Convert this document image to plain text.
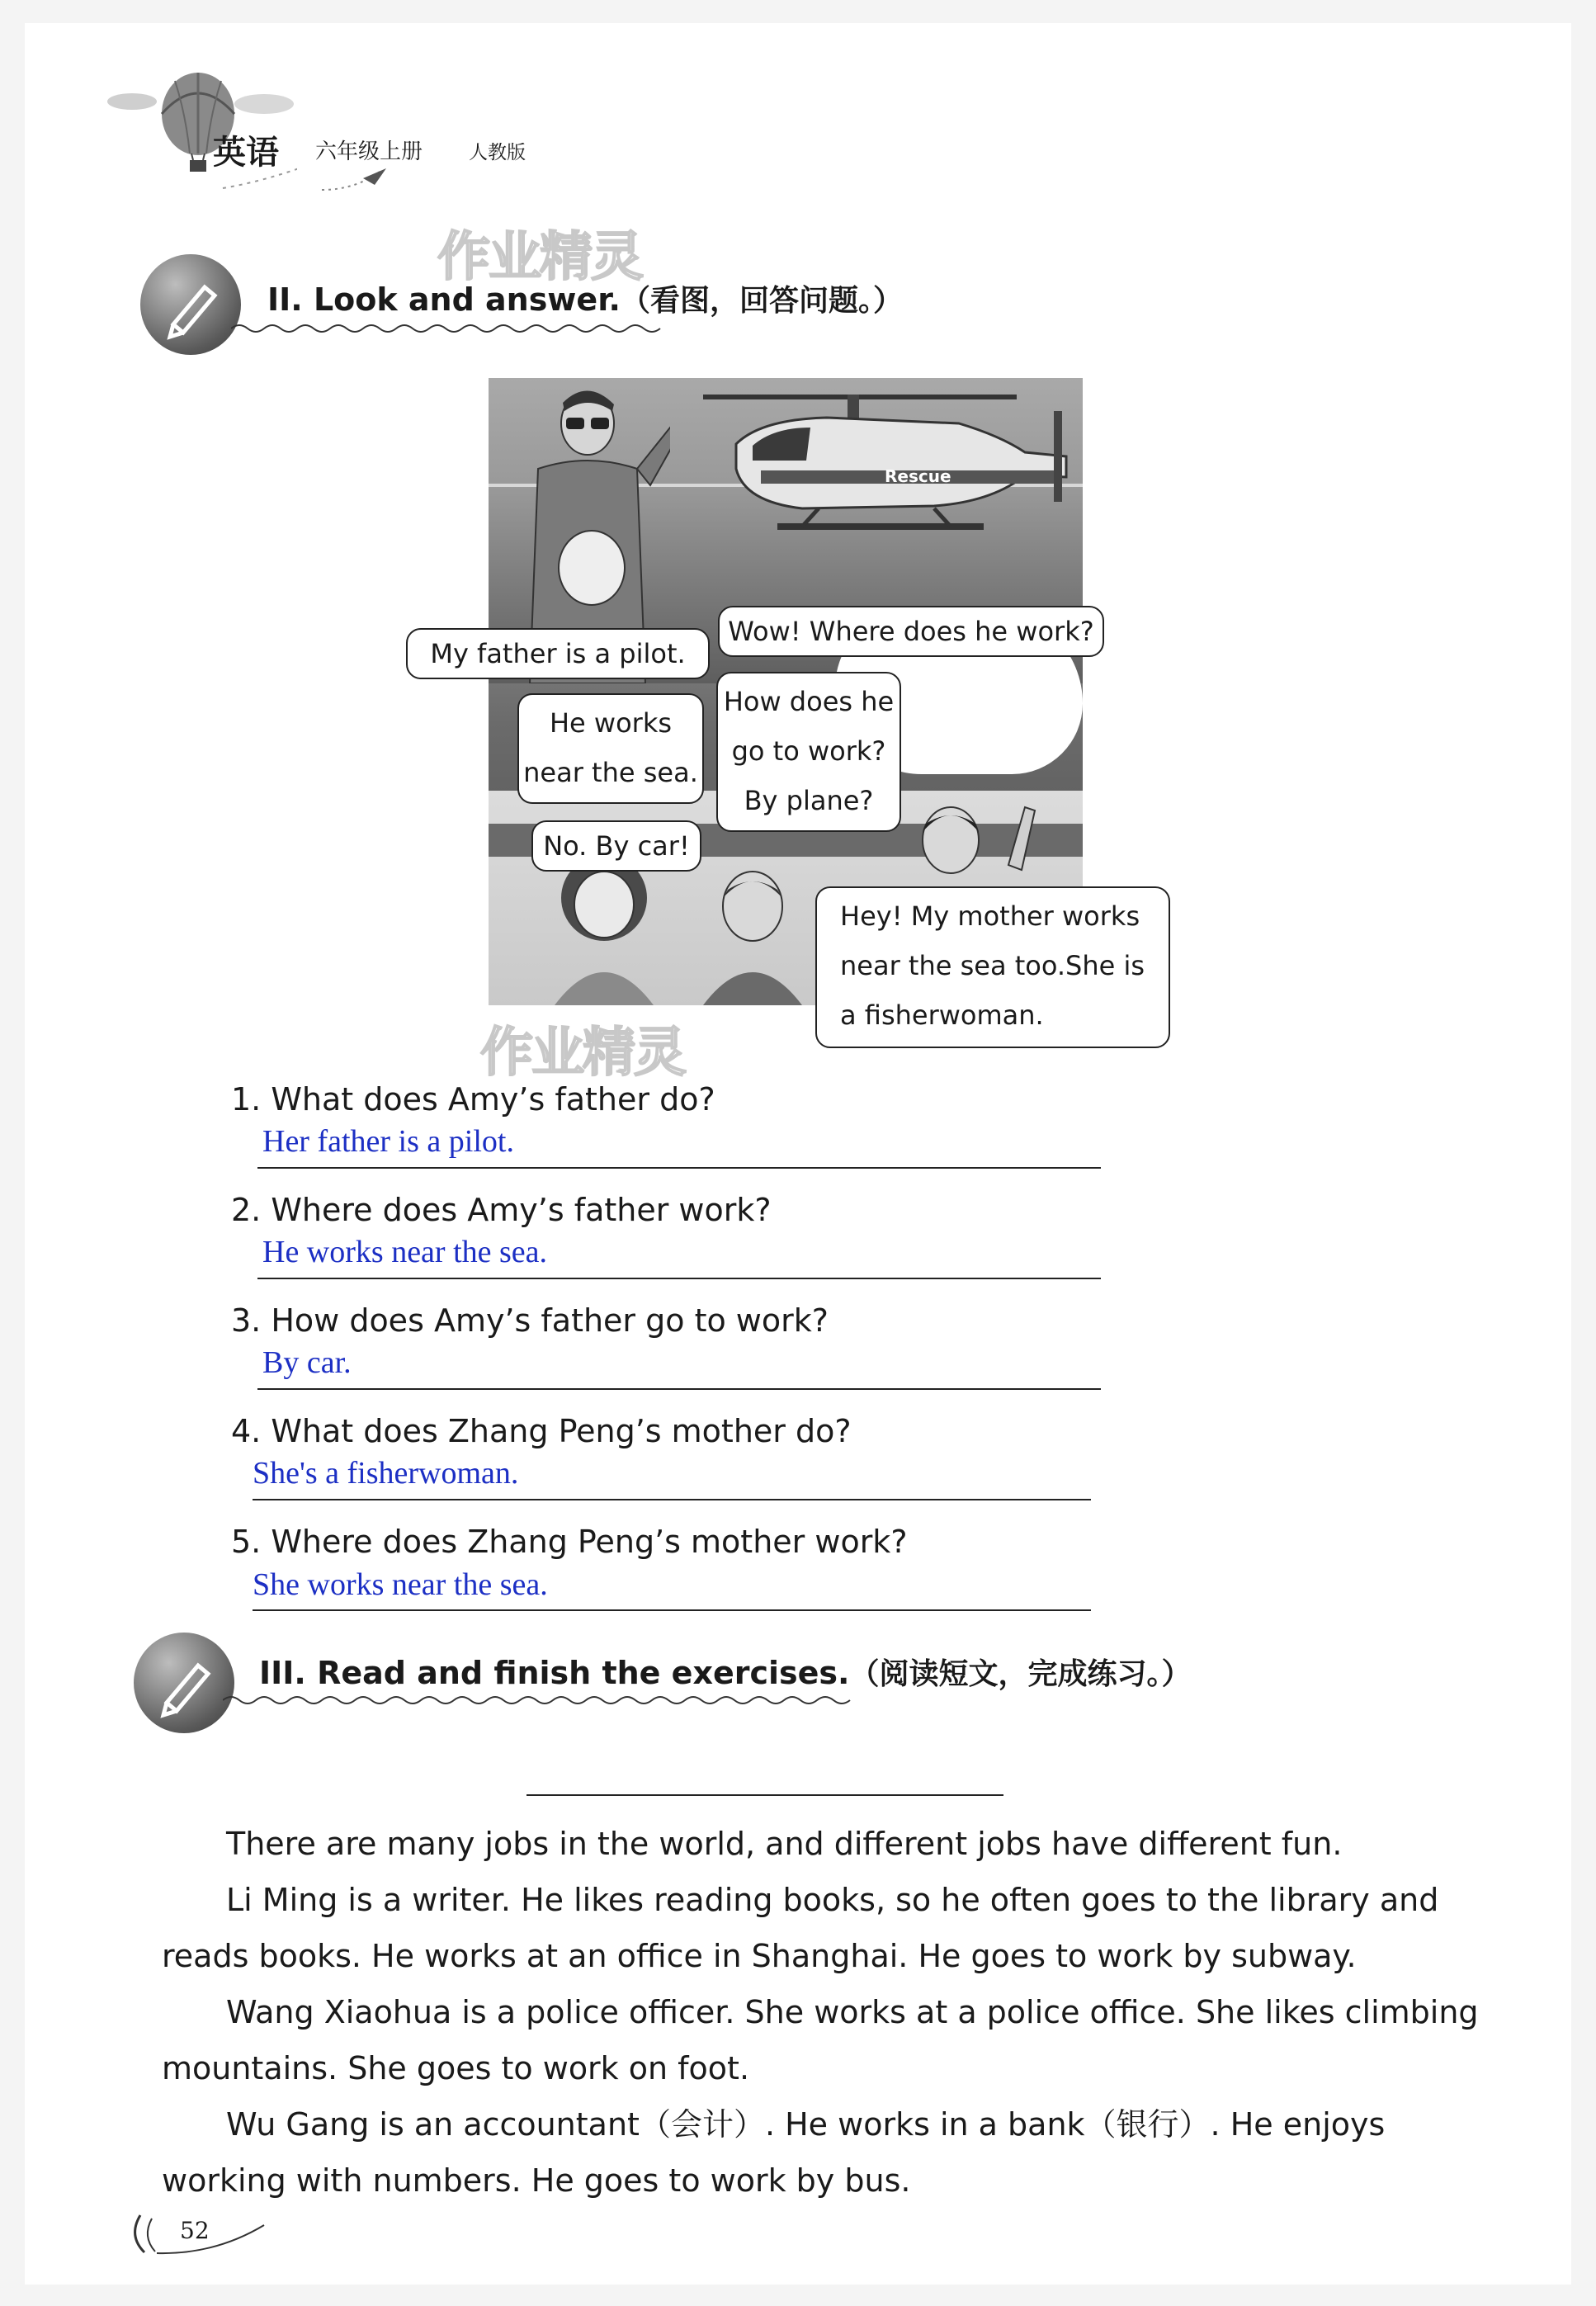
英语 六年级上册 人教版
作业精灵
II. Look and answer.（看图，回答问题。）
Rescue
My father is a pilot.
Wow! Where does he work?
He works
near the sea.
How does he
go to work?
By plane?
No. By car!
Hey! My mother works
near the sea too.She is
a fisherwoman.
作业精灵
1. What does Amy’s father do?
Her father is a pilot.
2. Where does Amy’s father work?
He works near the sea.
3. How does Amy’s father go to work?
By car.
4. What does Zhang Peng’s mother do?
She's a fisherwoman.
5. Where does Zhang Peng’s mother work?
She works near the sea.
III. Read and finish the exercises.（阅读短文，完成练习。）

There are many jobs in the world, and different jobs have different fun.

Li Ming is a writer. He likes reading books, so he often goes to the library and reads books. He works at an office in Shanghai. He goes to work by subway.

Wang Xiaohua is a police officer. She works at a police office. She likes climbing mountains. She goes to work on foot.

Wu Gang is an accountant（会计）. He works in a bank（银行）. He enjoys working with numbers. He goes to work by bus.

52
